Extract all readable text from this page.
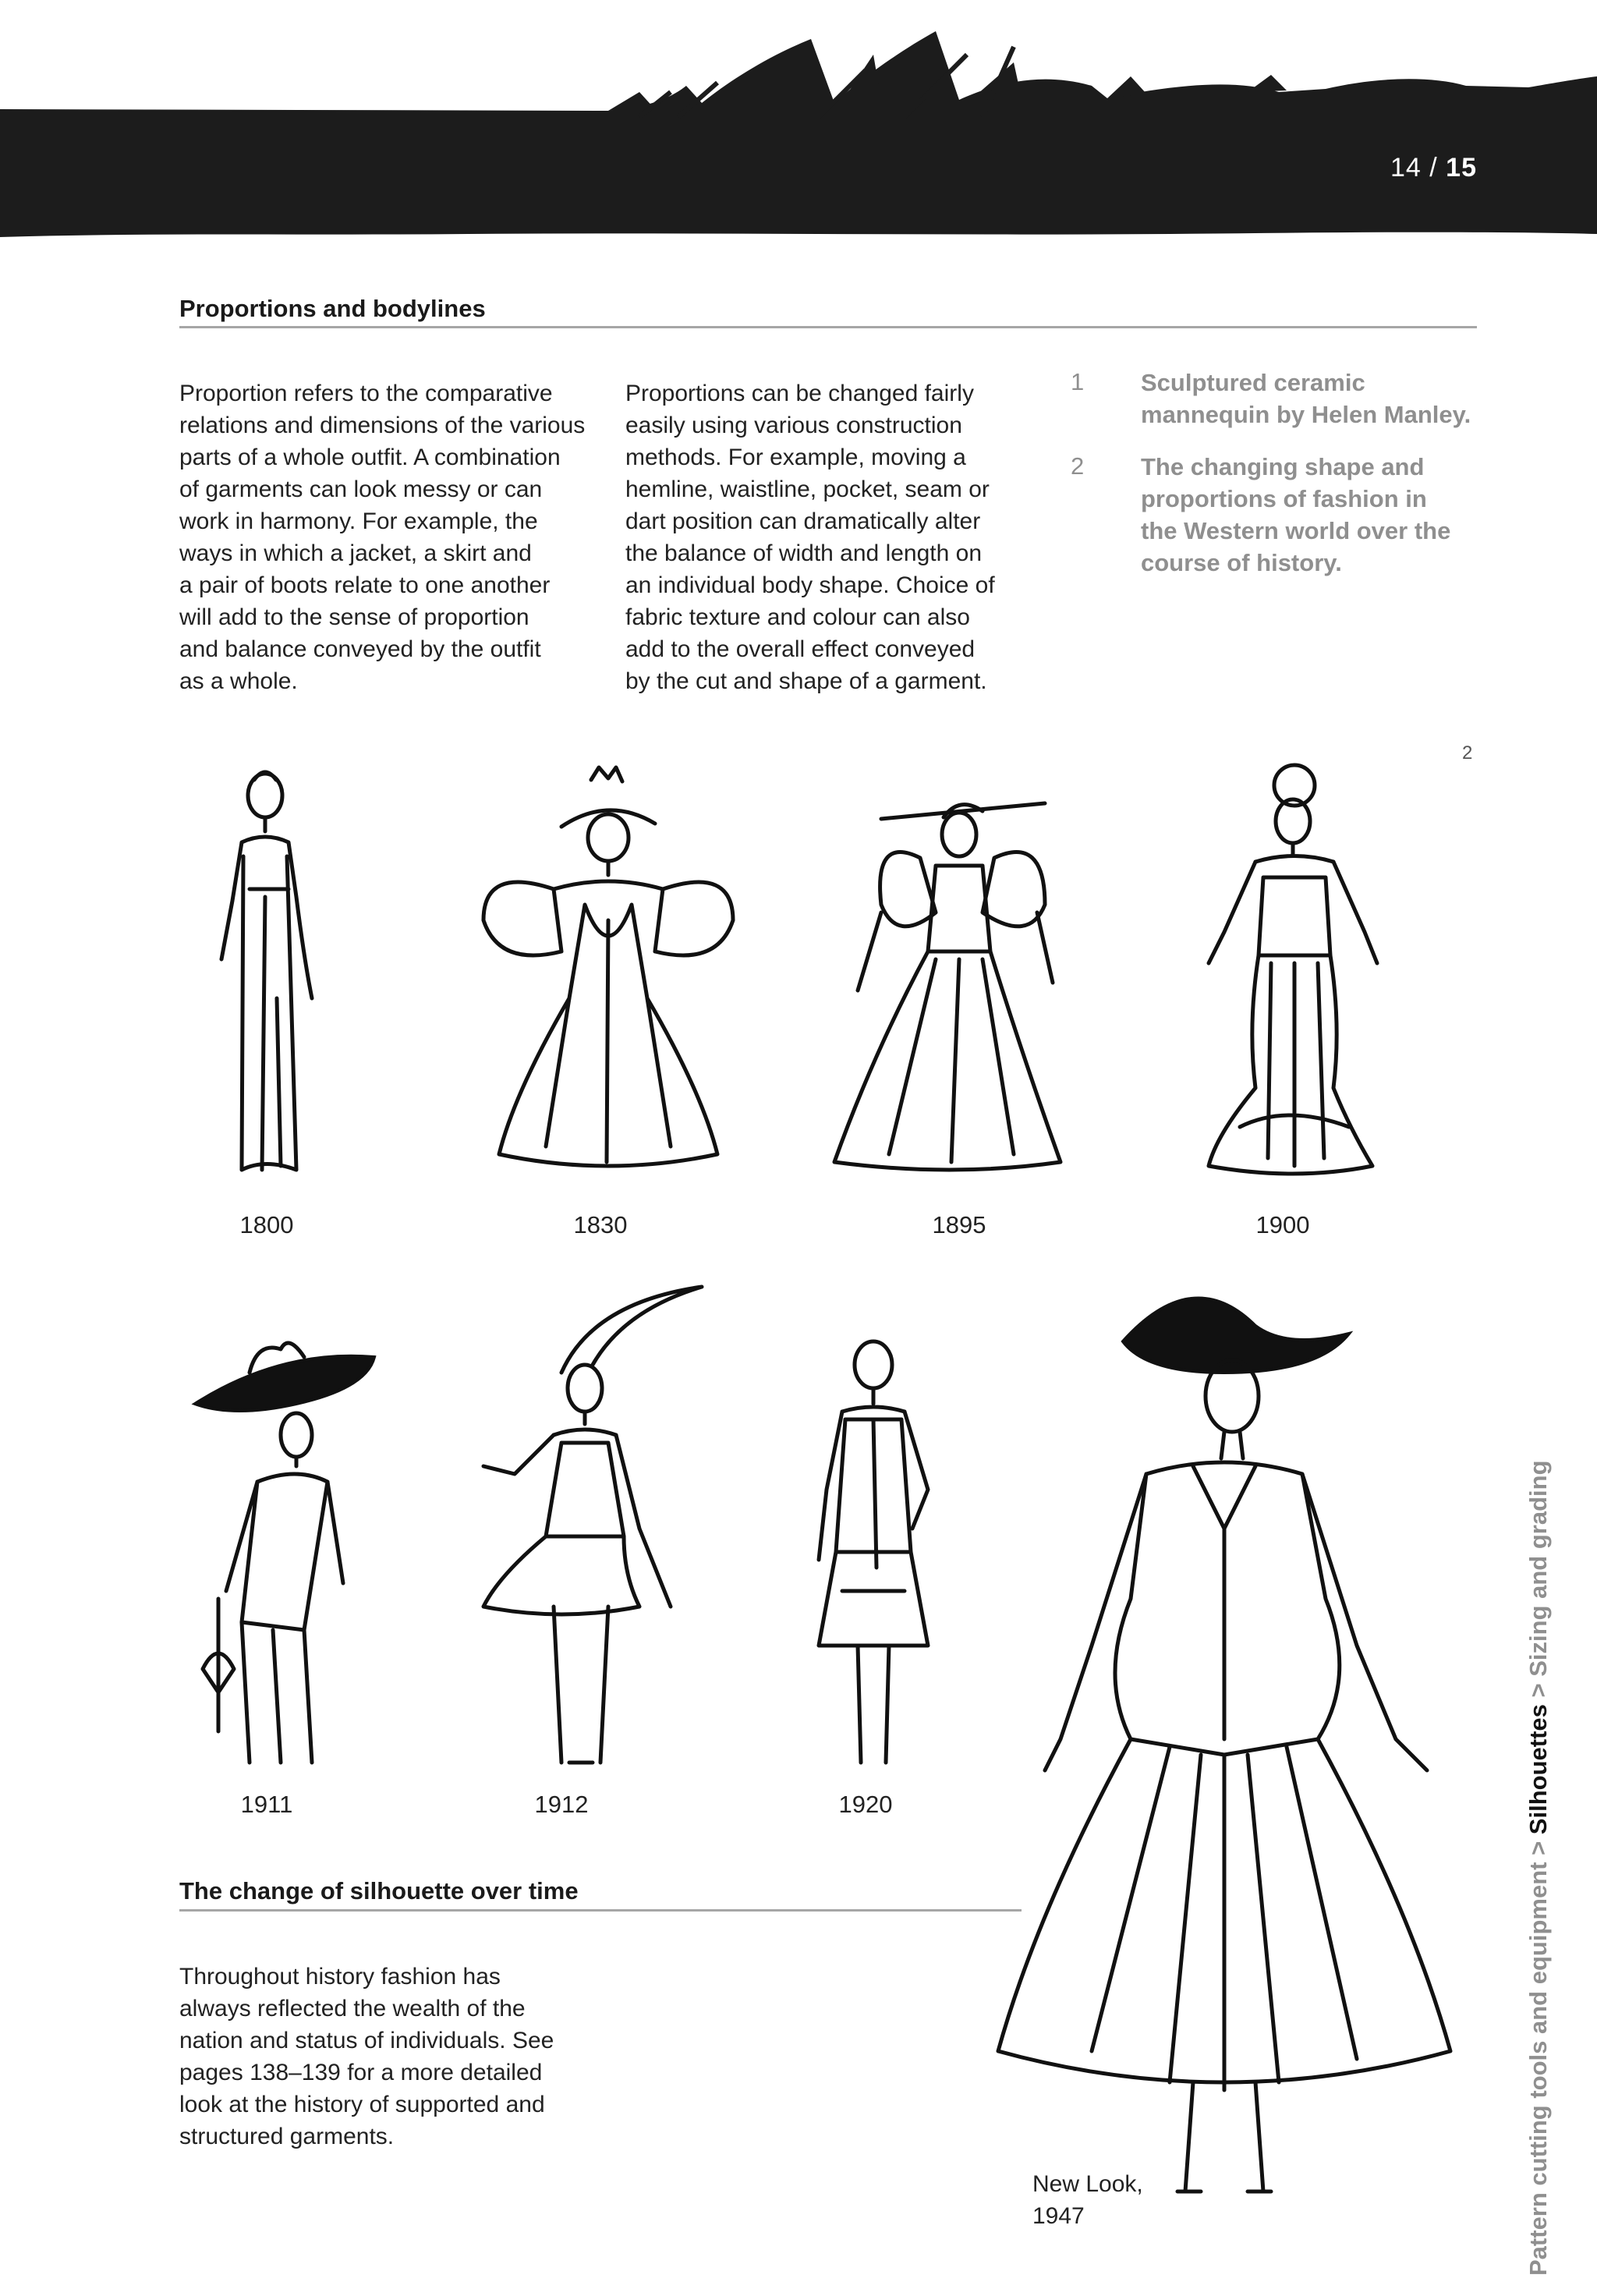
14 / 15
Proportions and bodylines
Proportion refers to the comparative
relations and dimensions of the various
parts of a whole outfit. A combination
of garments can look messy or can
work in harmony. For example, the
ways in which a jacket, a skirt and
a pair of boots relate to one another
will add to the sense of proportion
and balance conveyed by the outfit
as a whole.
Proportions can be changed fairly
easily using various construction
methods. For example, moving a
hemline, waistline, pocket, seam or
dart position can dramatically alter
the balance of width and length on
an individual body shape. Choice of
fabric texture and colour can also
add to the overall effect conveyed
by the cut and shape of a garment.
1 Sculptured ceramic
mannequin by Helen Manley.
2 The changing shape and
proportions of fashion in
the Western world over the
course of history.
2
1800	1830	1895	1900
1911	1912	1920
New Look,
1947
The change of silhouette over time
Throughout history fashion has
always reflected the wealth of the
nation and status of individuals. See
pages 138–139 for a more detailed
look at the history of supported and
structured garments.	Pattern cutting tools and equipment > Silhouettes > Sizing and grading
